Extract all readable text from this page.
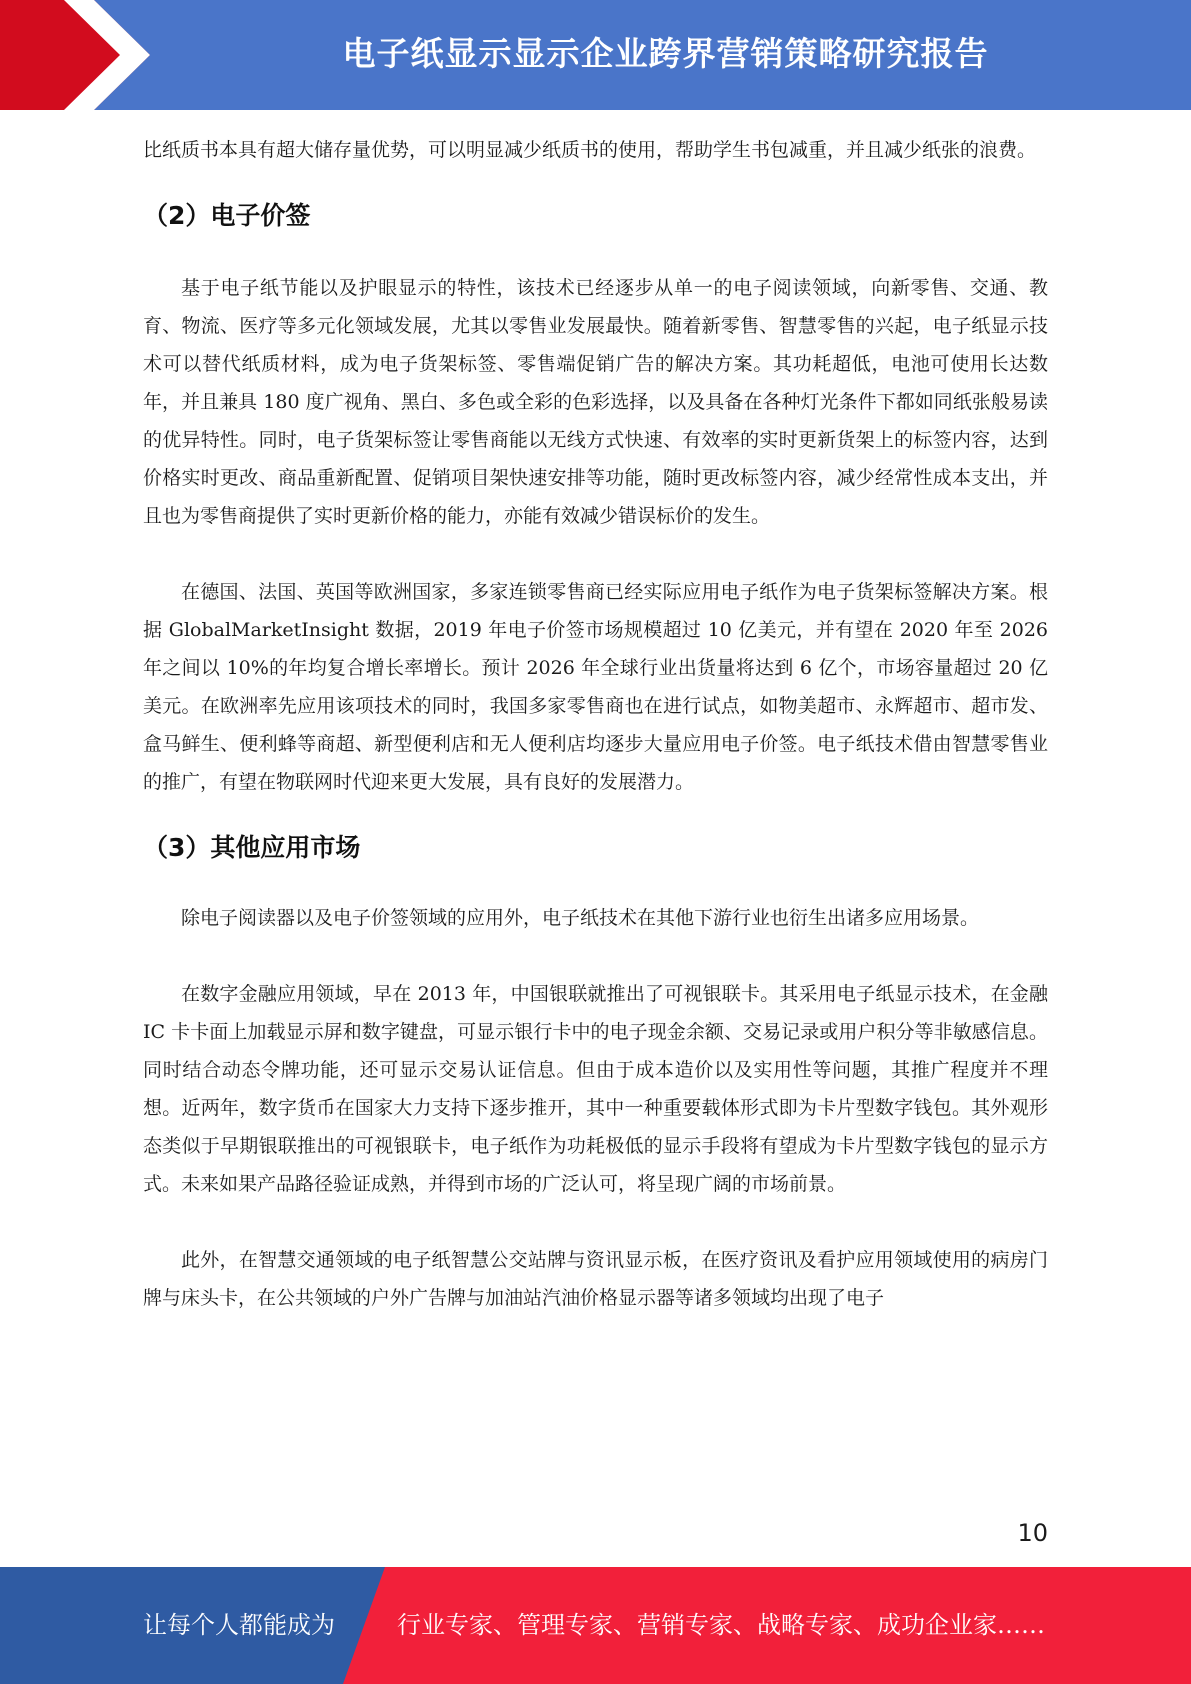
电子纸显示显示企业跨界营销策略研究报告

比纸质书本具有超大储存量优势，可以明显减少纸质书的使用，帮助学生书包减重，并且减少纸张的浪费。

（2）电子价签

基于电子纸节能以及护眼显示的特性，该技术已经逐步从单一的电子阅读领域，向新零售、交通、教育、物流、医疗等多元化领域发展，尤其以零售业发展最快。随着新零售、智慧零售的兴起，电子纸显示技术可以替代纸质材料，成为电子货架标签、零售端促销广告的解决方案。其功耗超低，电池可使用长达数年，并且兼具 180 度广视角、黑白、多色或全彩的色彩选择，以及具备在各种灯光条件下都如同纸张般易读的优异特性。同时，电子货架标签让零售商能以无线方式快速、有效率的实时更新货架上的标签内容，达到价格实时更改、商品重新配置、促销项目架快速安排等功能，随时更改标签内容，减少经常性成本支出，并且也为零售商提供了实时更新价格的能力，亦能有效减少错误标价的发生。

在德国、法国、英国等欧洲国家，多家连锁零售商已经实际应用电子纸作为电子货架标签解决方案。根据 GlobalMarketInsight 数据，2019 年电子价签市场规模超过 10 亿美元，并有望在 2020 年至 2026 年之间以 10%的年均复合增长率增长。预计 2026 年全球行业出货量将达到 6 亿个，市场容量超过 20 亿美元。在欧洲率先应用该项技术的同时，我国多家零售商也在进行试点，如物美超市、永辉超市、超市发、盒马鲜生、便利蜂等商超、新型便利店和无人便利店均逐步大量应用电子价签。电子纸技术借由智慧零售业的推广，有望在物联网时代迎来更大发展，具有良好的发展潜力。

（3）其他应用市场

除电子阅读器以及电子价签领域的应用外，电子纸技术在其他下游行业也衍生出诸多应用场景。

在数字金融应用领域，早在 2013 年，中国银联就推出了可视银联卡。其采用电子纸显示技术，在金融 IC 卡卡面上加载显示屏和数字键盘，可显示银行卡中的电子现金余额、交易记录或用户积分等非敏感信息。同时结合动态令牌功能，还可显示交易认证信息。但由于成本造价以及实用性等问题，其推广程度并不理想。近两年，数字货币在国家大力支持下逐步推开，其中一种重要载体形式即为卡片型数字钱包。其外观形态类似于早期银联推出的可视银联卡，电子纸作为功耗极低的显示手段将有望成为卡片型数字钱包的显示方式。未来如果产品路径验证成熟，并得到市场的广泛认可，将呈现广阔的市场前景。

此外，在智慧交通领域的电子纸智慧公交站牌与资讯显示板，在医疗资讯及看护应用领域使用的病房门牌与床头卡，在公共领域的户外广告牌与加油站汽油价格显示器等诸多领域均出现了电子

10
让每个人都能成为	行业专家、管理专家、营销专家、战略专家、成功企业家……
